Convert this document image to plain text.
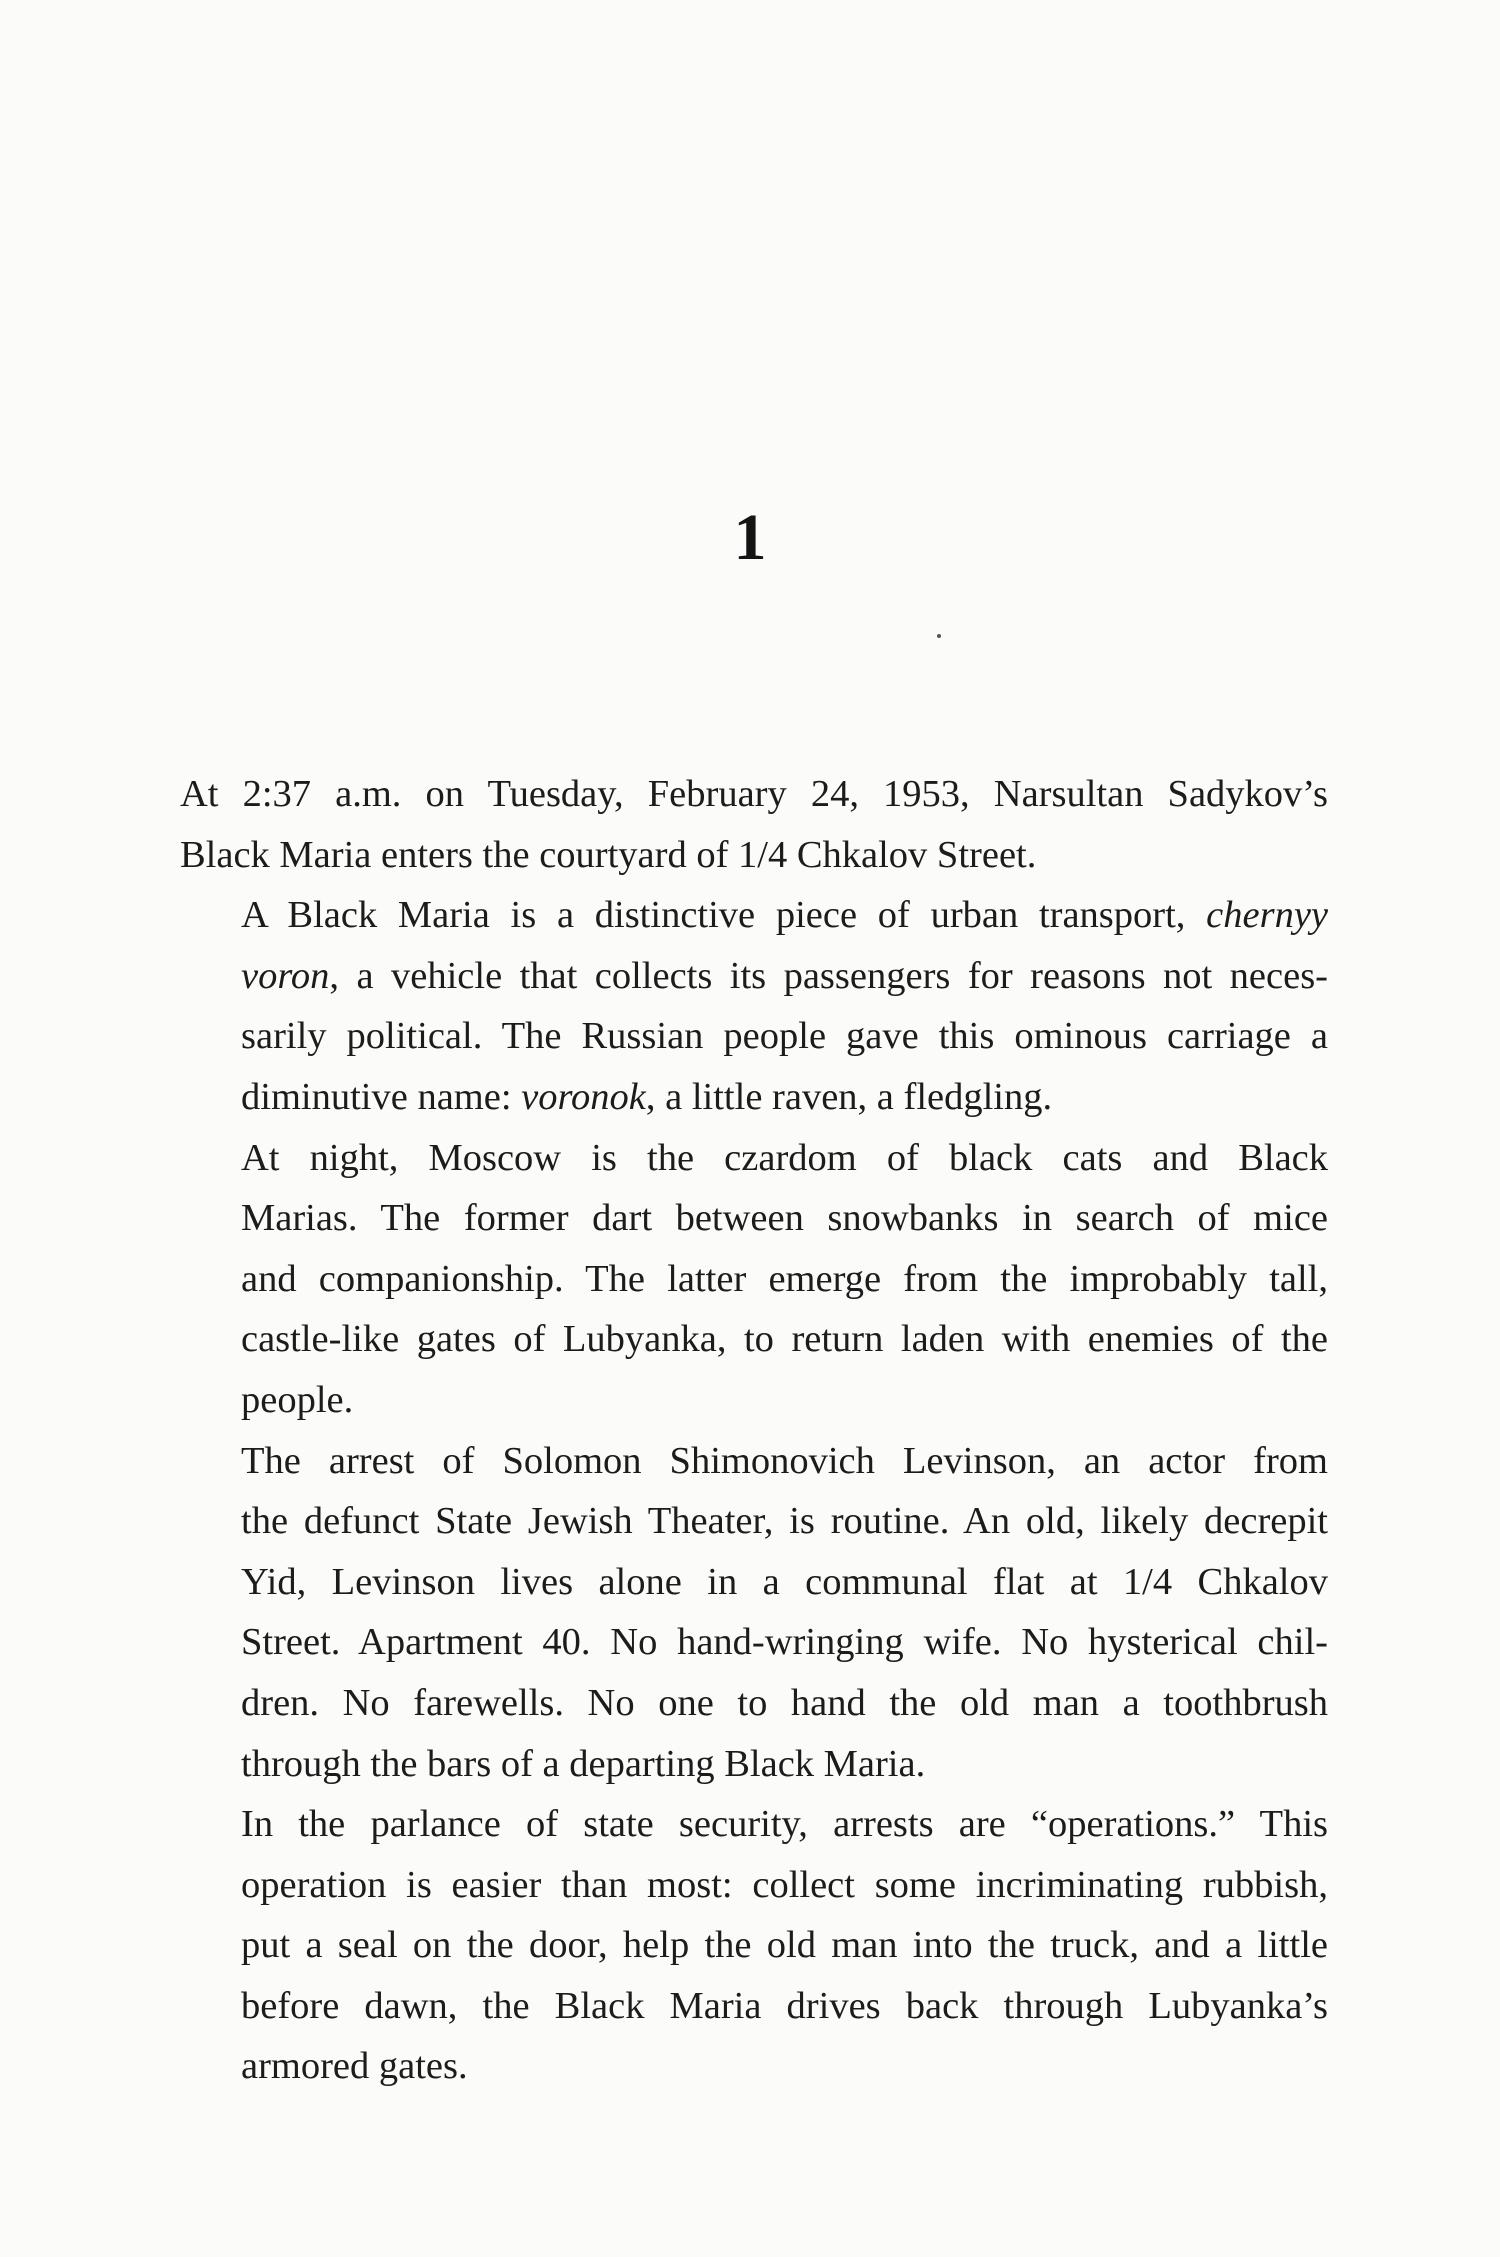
1

At 2:37 a.m. on Tuesday, February 24, 1953, Narsultan Sadykov’s
Black Maria enters the courtyard of 1/4 Chkalov Street.

A Black Maria is a distinctive piece of urban transport, chernyy
voron, a vehicle that collects its passengers for reasons not neces-
sarily political. The Russian people gave this ominous carriage a
diminutive name: voronok, a little raven, a fledgling.

At night, Moscow is the czardom of black cats and Black
Marias. The former dart between snowbanks in search of mice
and companionship. The latter emerge from the improbably tall,
castle-like gates of Lubyanka, to return laden with enemies of the
people.

The arrest of Solomon Shimonovich Levinson, an actor from
the defunct State Jewish Theater, is routine. An old, likely decrepit
Yid, Levinson lives alone in a communal flat at 1/4 Chkalov
Street. Apartment 40. No hand-wringing wife. No hysterical chil-
dren. No farewells. No one to hand the old man a toothbrush
through the bars of a departing Black Maria.

In the parlance of state security, arrests are “operations.” This
operation is easier than most: collect some incriminating rubbish,
put a seal on the door, help the old man into the truck, and a little
before dawn, the Black Maria drives back through Lubyanka’s
armored gates.
